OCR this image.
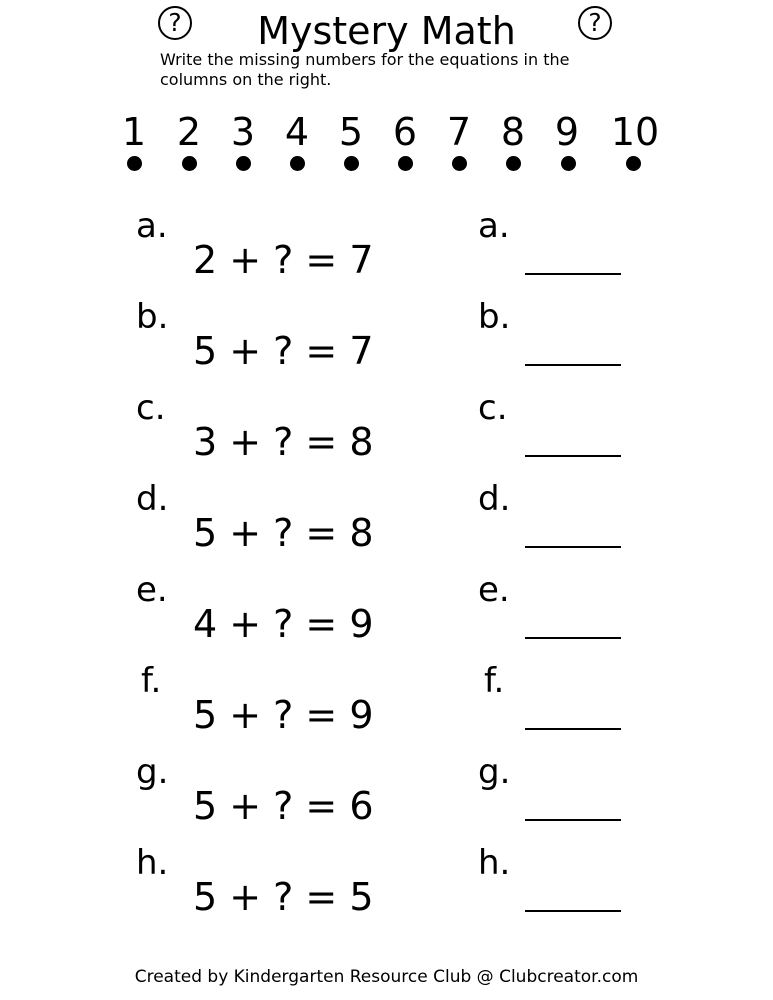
?	Mystery Math	?
Write the missing numbers for the equations in the columns on the right.
1 2 3 4 5 6 7 8 9 10
a.
2 + ? = 7
a.
b.
5 + ? = 7
b.
c.
3 + ? = 8
c.
d.
5 + ? = 8
d.
e.
4 + ? = 9
e.
f.
5 + ? = 9
f.
g.
5 + ? = 6
g.
h.
5 + ? = 5
h.
Created by Kindergarten Resource Club @ Clubcreator.com
